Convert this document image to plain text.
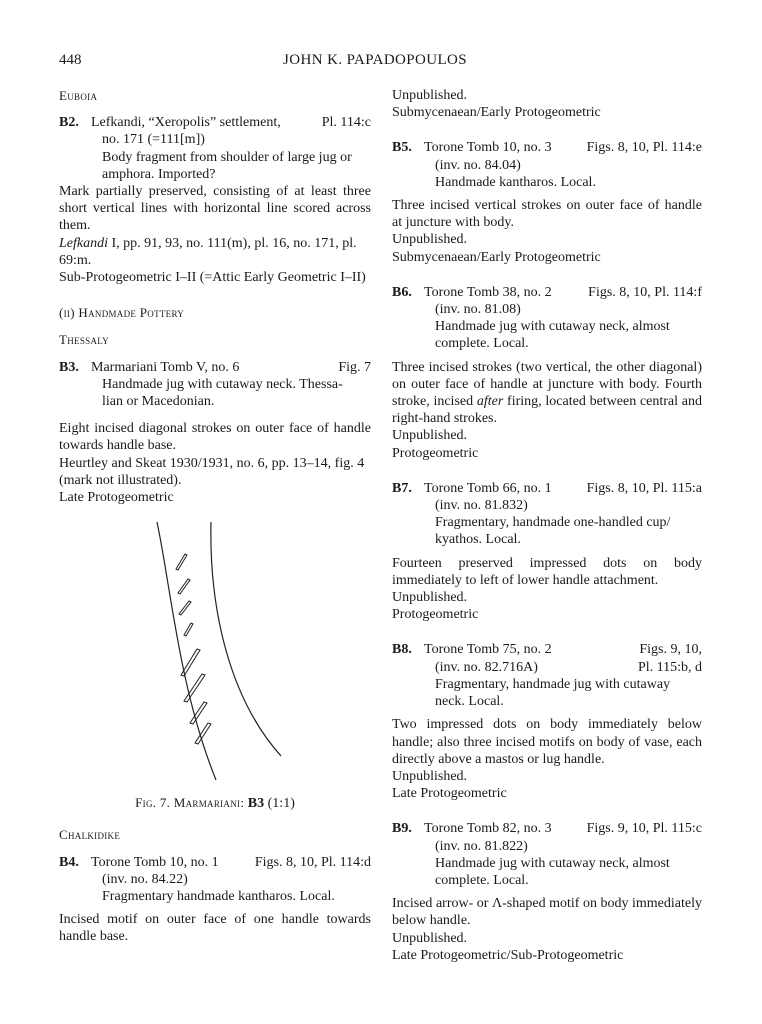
448	JOHN K. PAPADOPOULOS

Euboia

B2. Lefkandi, “Xeropolis” settlement,	Pl. 114:c

no. 171 (=111[m])

Body fragment from shoulder of large jug or

amphora. Imported?

Mark partially preserved, consisting of at least three short vertical lines with horizontal line scored across them.

Lefkandi I, pp. 91, 93, no. 111(m), pl. 16, no. 171, pl. 69:m.

Sub-Protogeometric I–II (=Attic Early Geometric I–II)

(ii) Handmade Pottery

Thessaly

B3. Marmariani Tomb V, no. 6	Fig. 7

Handmade jug with cutaway neck. Thessa-

lian or Macedonian.

Eight incised diagonal strokes on outer face of handle towards handle base.

Heurtley and Skeat 1930/1931, no. 6, pp. 13–14, fig. 4 (mark not illustrated).

Late Protogeometric

Fig. 7. Marmariani: B3 (1:1)

Chalkidike

B4. Torone Tomb 10, no. 1	Figs. 8, 10, Pl. 114:d

(inv. no. 84.22)

Fragmentary handmade kantharos. Local.

Incised motif on outer face of one handle towards handle base.

Unpublished.

Submycenaean/Early Protogeometric

B5. Torone Tomb 10, no. 3 Figs. 8, 10, Pl. 114:e

(inv. no. 84.04)

Handmade kantharos. Local.

Three incised vertical strokes on outer face of handle at juncture with body.

Unpublished.

Submycenaean/Early Protogeometric

B6. Torone Tomb 38, no. 2	Figs. 8, 10, Pl. 114:f

(inv. no. 81.08)

Handmade jug with cutaway neck, almost

complete. Local.

Three incised strokes (two vertical, the other diagonal) on outer face of handle at juncture with body. Fourth stroke, incised after firing, located between central and right-hand strokes.

Unpublished.

Protogeometric

B7. Torone Tomb 66, no. 1 Figs. 8, 10, Pl. 115:a

(inv. no. 81.832)

Fragmentary, handmade one-handled cup/

kyathos. Local.

Fourteen preserved impressed dots on body immediately to left of lower handle attachment.

Unpublished.

Protogeometric

B8. Torone Tomb 75, no. 2	Figs. 9, 10,
(inv. no. 82.716A)	Pl. 115:b, d

Fragmentary, handmade jug with cutaway

neck. Local.

Two impressed dots on body immediately below handle; also three incised motifs on body of vase, each directly above a mastos or lug handle.

Unpublished.

Late Protogeometric

B9. Torone Tomb 82, no. 3 Figs. 9, 10, Pl. 115:c

(inv. no. 81.822)

Handmade jug with cutaway neck, almost

complete. Local.

Incised arrow- or Λ-shaped motif on body immediately below handle.

Unpublished.

Late Protogeometric/Sub-Protogeometric
